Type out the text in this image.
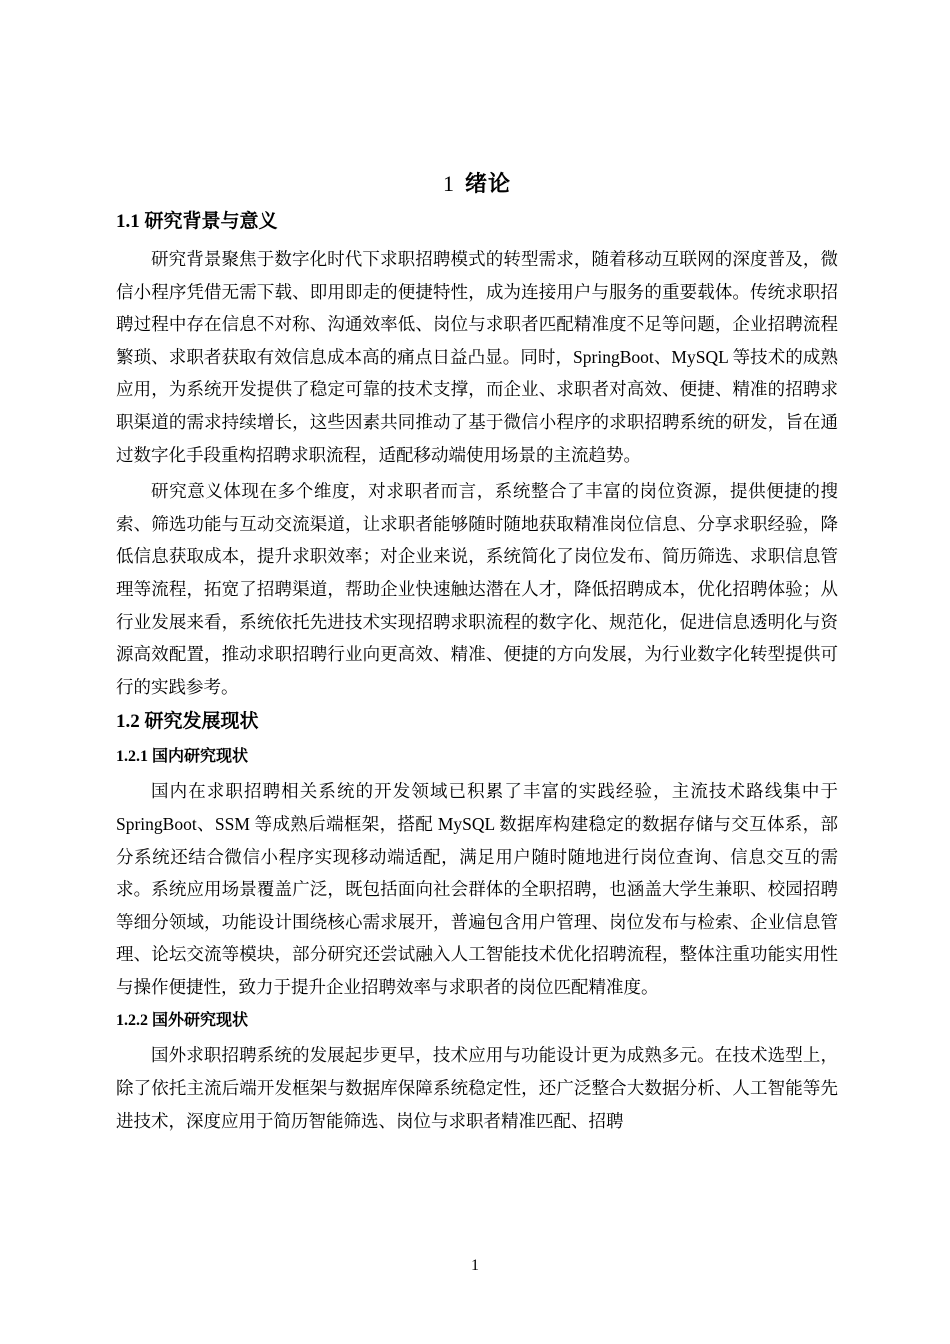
1 绪论
1.1 研究背景与意义

研究背景聚焦于数字化时代下求职招聘模式的转型需求，随着移动互联网的深度普及，微信小程序凭借无需下载、即用即走的便捷特性，成为连接用户与服务的重要载体。传统求职招聘过程中存在信息不对称、沟通效率低、岗位与求职者匹配精准度不足等问题，企业招聘流程繁琐、求职者获取有效信息成本高的痛点日益凸显。同时，SpringBoot、MySQL 等技术的成熟应用，为系统开发提供了稳定可靠的技术支撑，而企业、求职者对高效、便捷、精准的招聘求职渠道的需求持续增长，这些因素共同推动了基于微信小程序的求职招聘系统的研发，旨在通过数字化手段重构招聘求职流程，适配移动端使用场景的主流趋势。

研究意义体现在多个维度，对求职者而言，系统整合了丰富的岗位资源，提供便捷的搜索、筛选功能与互动交流渠道，让求职者能够随时随地获取精准岗位信息、分享求职经验，降低信息获取成本，提升求职效率；对企业来说，系统简化了岗位发布、简历筛选、求职信息管理等流程，拓宽了招聘渠道，帮助企业快速触达潜在人才，降低招聘成本，优化招聘体验；从行业发展来看，系统依托先进技术实现招聘求职流程的数字化、规范化，促进信息透明化与资源高效配置，推动求职招聘行业向更高效、精准、便捷的方向发展，为行业数字化转型提供可行的实践参考。

1.2 研究发展现状
1.2.1 国内研究现状

国内在求职招聘相关系统的开发领域已积累了丰富的实践经验，主流技术路线集中于 SpringBoot、SSM 等成熟后端框架，搭配 MySQL 数据库构建稳定的数据存储与交互体系，部分系统还结合微信小程序实现移动端适配，满足用户随时随地进行岗位查询、信息交互的需求。系统应用场景覆盖广泛，既包括面向社会群体的全职招聘，也涵盖大学生兼职、校园招聘等细分领域，功能设计围绕核心需求展开，普遍包含用户管理、岗位发布与检索、企业信息管理、论坛交流等模块，部分研究还尝试融入人工智能技术优化招聘流程，整体注重功能实用性与操作便捷性，致力于提升企业招聘效率与求职者的岗位匹配精准度。

1.2.2 国外研究现状

国外求职招聘系统的发展起步更早，技术应用与功能设计更为成熟多元。在技术选型上，除了依托主流后端开发框架与数据库保障系统稳定性，还广泛整合大数据分析、人工智能等先进技术，深度应用于简历智能筛选、岗位与求职者精准匹配、招聘

1
